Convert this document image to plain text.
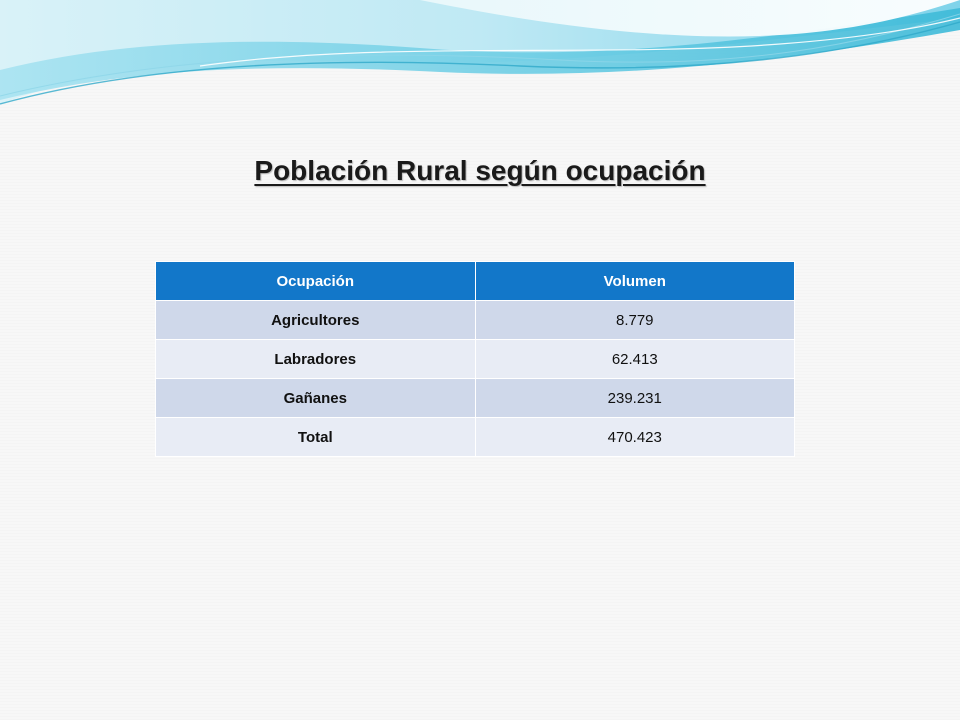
Población Rural según ocupación
Ocupación	Volumen
Agricultores	8.779
Labradores	62.413
Gañanes	239.231
Total	470.423
